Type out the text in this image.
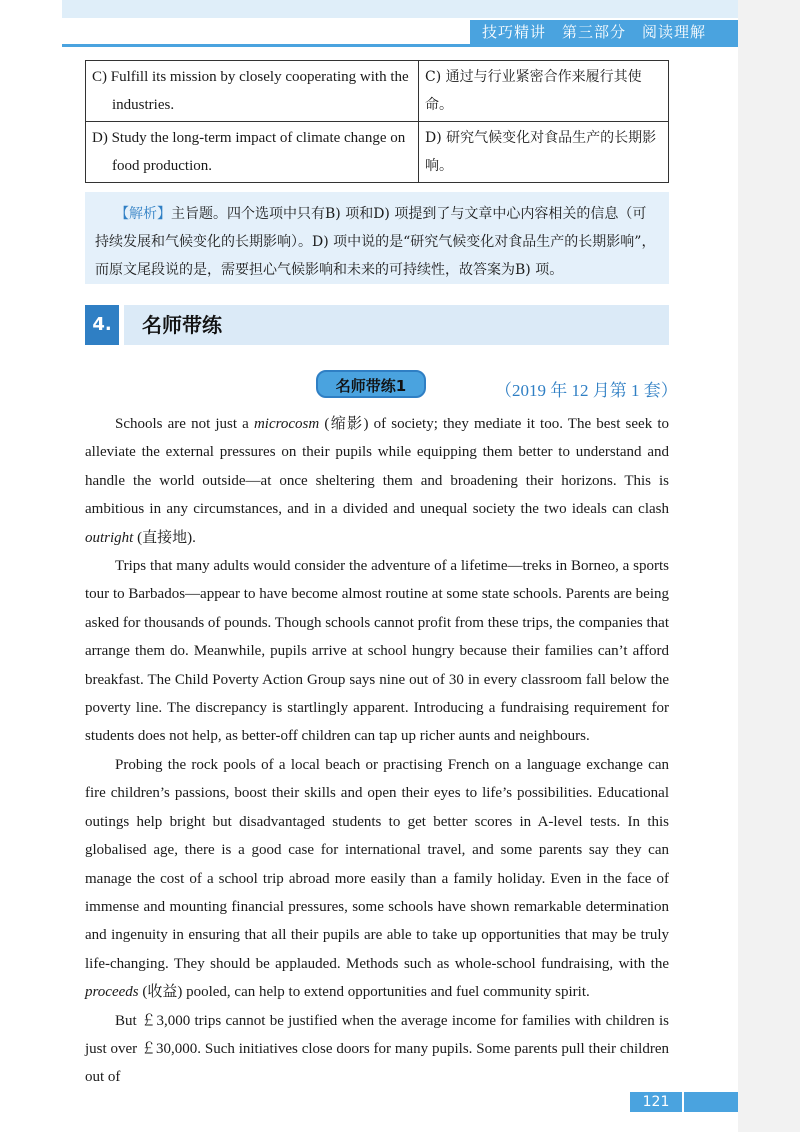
技巧精讲　第三部分　阅读理解
C) Fulfill its mission by closely cooperating with the
industries.	C) 通过与行业紧密合作来履行其使命。

D) Study the long-term impact of climate change on
food production.	D) 研究气候变化对食品生产的长期影响。
【解析】主旨题。四个选项中只有B) 项和D) 项提到了与文章中心内容相关的信息（可持续发展和气候变化的长期影响）。D) 项中说的是“研究气候变化对食品生产的长期影响”，而原文尾段说的是，需要担心气候影响和未来的可持续性，故答案为B) 项。
4.	名师带练
名师带练1	（2019 年 12 月第 1 套）

Schools are not just a microcosm (缩影) of society; they mediate it too. The best seek to alleviate the external pressures on their pupils while equipping them better to understand and handle the world outside—at once sheltering them and broadening their horizons. This is ambitious in any circumstances, and in a divided and unequal society the two ideals can clash outright (直接地).

Trips that many adults would consider the adventure of a lifetime—treks in Borneo, a sports tour to Barbados—appear to have become almost routine at some state schools. Parents are being asked for thousands of pounds. Though schools cannot profit from these trips, the companies that arrange them do. Meanwhile, pupils arrive at school hungry because their families can’t afford breakfast. The Child Poverty Action Group says nine out of 30 in every classroom fall below the poverty line. The discrepancy is startlingly apparent. Introducing a fundraising requirement for students does not help, as better-off children can tap up richer aunts and neighbours.

Probing the rock pools of a local beach or practising French on a language exchange can fire children’s passions, boost their skills and open their eyes to life’s possibilities. Educational outings help bright but disadvantaged students to get better scores in A-level tests. In this globalised age, there is a good case for international travel, and some parents say they can manage the cost of a school trip abroad more easily than a family holiday. Even in the face of immense and mounting financial pressures, some schools have shown remarkable determination and ingenuity in ensuring that all their pupils are able to take up opportunities that may be truly life-changing. They should be applauded. Methods such as whole-school fundraising, with the proceeds (收益) pooled, can help to extend opportunities and fuel community spirit.

But ￡3,000 trips cannot be justified when the average income for families with children is just over ￡30,000. Such initiatives close doors for many pupils. Some parents pull their children out of

121
